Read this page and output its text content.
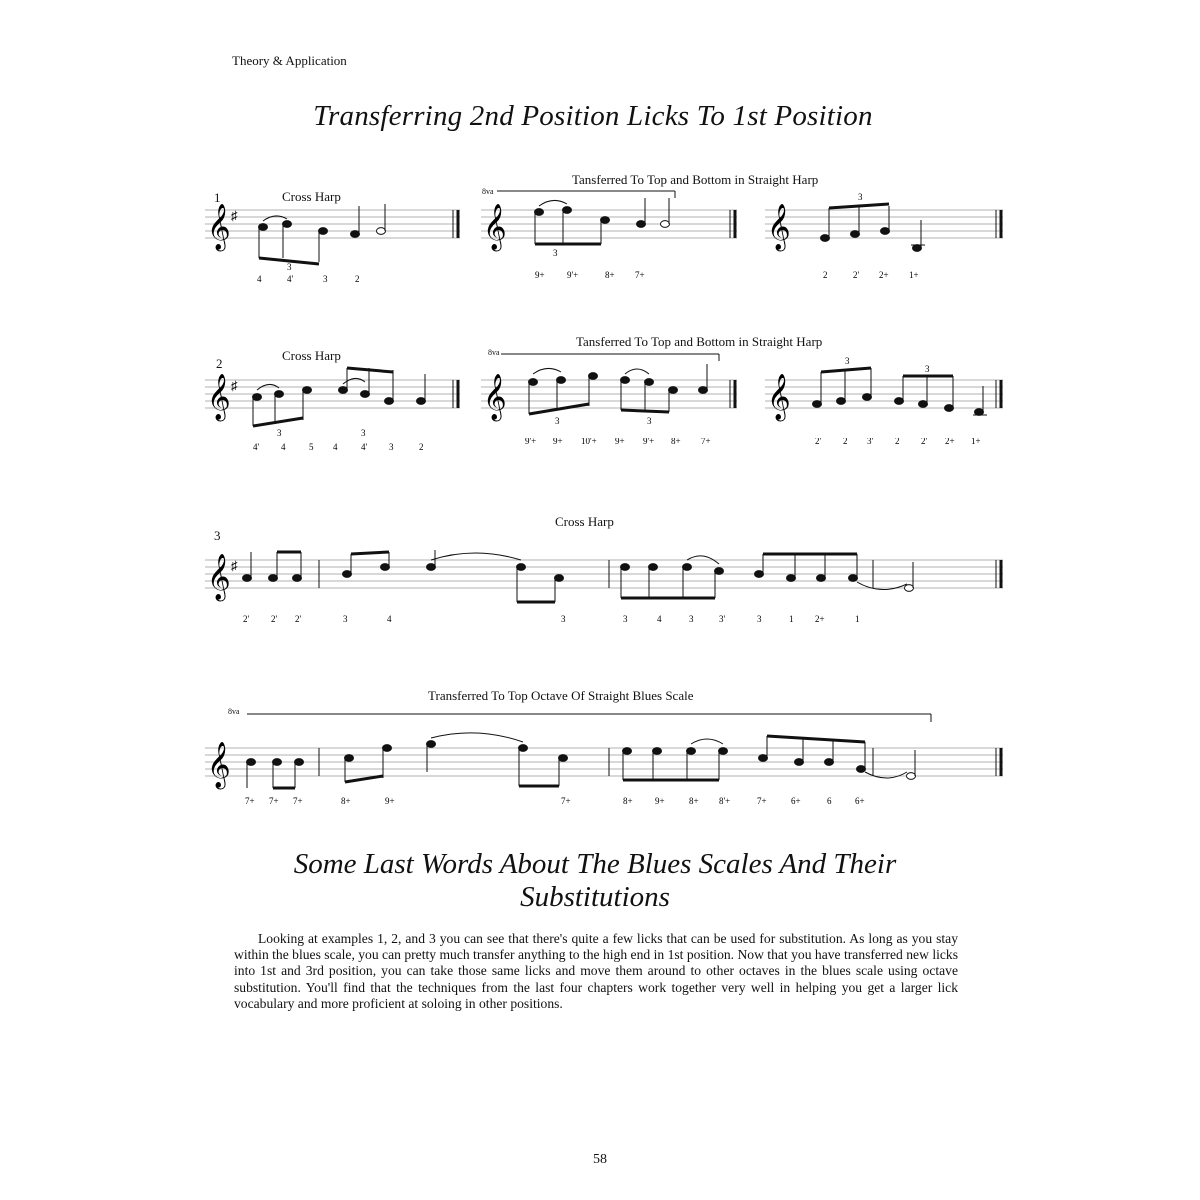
Theory & Application
Transferring 2nd Position Licks To 1st Position
1	Cross Harp
Tansferred To Top and Bottom in Straight Harp
8va
𝄞	𝄞	𝄞
♯
3
3
3
4	4'	3	2	9+ 9'+	8+ 7+	2	2' 2+ 1+
2
Cross Harp
Tansferred To Top and Bottom in Straight Harp
8va
𝄞	𝄞	𝄞
♯
3	3
3	3
3
3
4' 4	5 4	4' 3	2
9'+ 9+ 10'+ 9+ 9'+ 8+ 7+	2' 2 3' 2 2' 2+ 1+
3
Cross Harp
𝄞 ♯
2' 2' 2'	3	4	3	3	4	3	3'	3	1 2+	1
Transferred To Top Octave Of Straight Blues Scale
8va
𝄞
7+ 7+ 7+	8+	9+	7+	8+ 9+	8+ 8'+	7+	6+	6	6+
Some Last Words About The Blues Scales And Their
Substitutions
Looking at examples 1, 2, and 3 you can see that there's quite a few licks that can be used for substitution. As long as you stay within the blues scale, you can pretty much transfer anything to the high end in 1st position. Now that you have transferred new licks into 1st and 3rd position, you can take those same licks and move them around to other octaves in the blues scale using octave substitution. You'll find that the techniques from the last four chapters work together very well in helping you get a larger lick vocabulary and more proficient at soloing in other positions.
58
